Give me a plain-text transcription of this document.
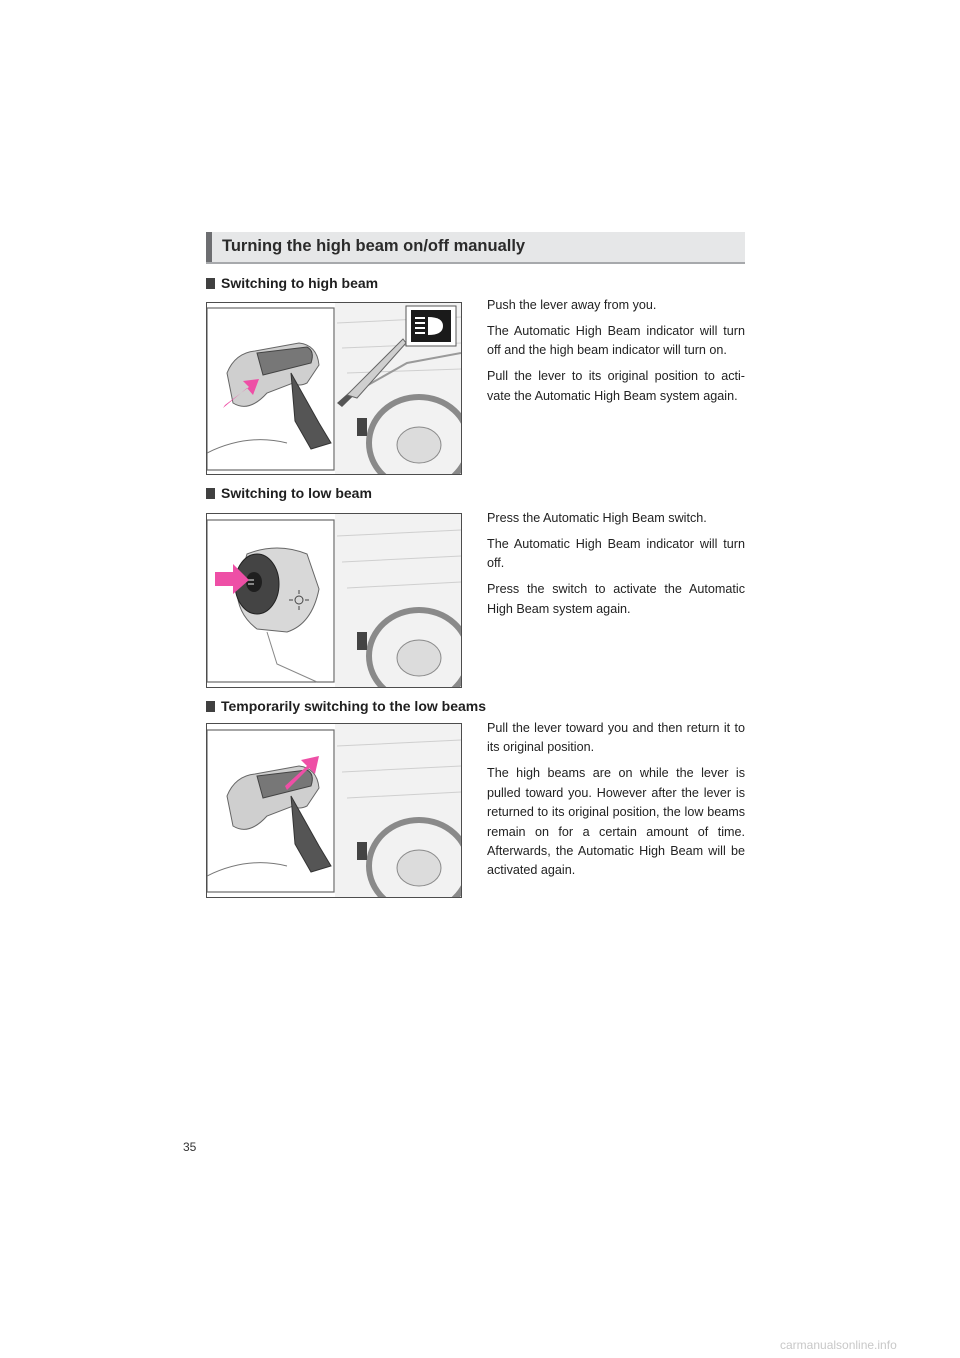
Turning the high beam on/off manually
Switching to high beam

Push the lever away from you.

The Automatic High Beam indicator will turn off and the high beam indicator will turn on.

Pull the lever to its original position to acti-vate the Automatic High Beam system again.

Switching to low beam

Press the Automatic High Beam switch.

The Automatic High Beam indicator will turn off.

Press the switch to activate the Automatic High Beam system again.

Temporarily switching to the low beams

Pull the lever toward you and then return it to its original position.

The high beams are on while the lever is pulled toward you. However after the lever is returned to its original position, the low beams remain on for a certain amount of time. Afterwards, the Automatic High Beam will be activated again.

35
carmanualsonline.info
